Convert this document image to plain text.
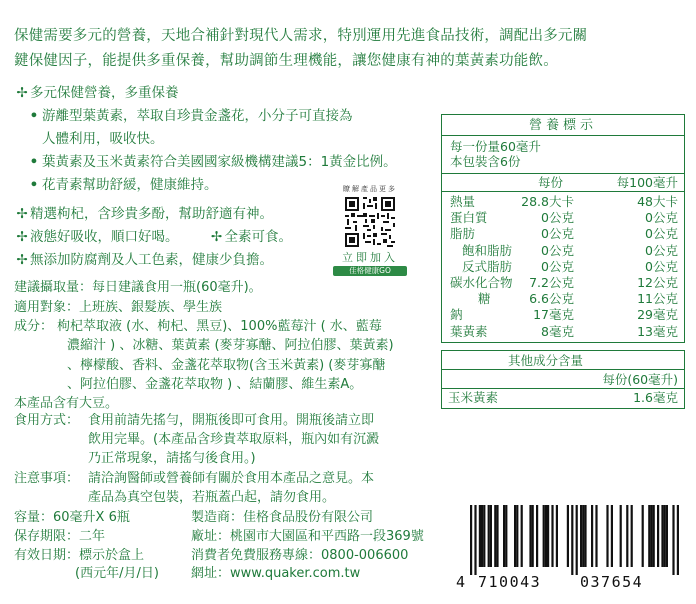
保健需要多元的營養，天地合補針對現代人需求，特別運用先進食品技術，調配出多元關
鍵保健因子，能提供多重保養，幫助調節生理機能，讓您健康有神的葉黃素功能飲。
✢ 多元保健營養，多重保養
• 游離型葉黃素，萃取自珍貴金盞花，小分子可直接為
人體利用，吸收快。
• 葉黃素及玉米黃素符合美國國家級機構建議5：1黃金比例。
• 花青素幫助舒緩，健康維持。
✢ 精選枸杞，含珍貴多酚，幫助舒適有神。
✢ 液態好吸收，順口好喝。 ✢ 全素可食。
✢ 無添加防腐劑及人工色素，健康少負擔。
瞭解產品更多
立即加入
佳格健康GO
建議攝取量：每日建議食用一瓶(60毫升)。
適用對象：上班族、銀髮族、學生族
成分： 枸杞萃取液 (水、枸杞、黑豆)、100%藍莓汁 ( 水、藍莓
濃縮汁 ) 、冰糖、葉黃素 (麥芽寡醣、阿拉伯膠、葉黃素)
、檸檬酸、香料、金盞花萃取物(含玉米黃素) (麥芽寡醣
、阿拉伯膠、金盞花萃取物 ) 、結蘭膠、維生素A。
本產品含有大豆。
食用方式： 食用前請先搖勻，開瓶後即可食用。開瓶後請立即
飲用完畢。(本產品含珍貴萃取原料，瓶內如有沉澱
乃正常現象，請搖勻後食用。)
注意事項： 請洽詢醫師或營養師有關於食用本產品之意見。本
產品為真空包裝，若瓶蓋凸起，請勿食用。
容量：60毫升X 6瓶
保存期限：二年
有效日期：標示於盒上
(西元年/月/日)
製造商：佳格食品股份有限公司
廠址：桃園市大園區和平西路一段369號
消費者免費服務專線：0800-006600
網址：www.quaker.com.tw
營養標示
每一份量60毫升
本包裝含6份
每份	每100毫升
熱量	28.8大卡	48大卡
蛋白質	0公克	0公克
脂肪	0公克	0公克
飽和脂肪 0公克	0公克
反式脂肪 0公克	0公克
碳水化合物 7.2公克	12公克
糖	6.6公克	11公克
鈉	17毫克	29毫克
葉黃素	8毫克	13毫克
其他成分含量
每份(60毫升)
玉米黃素	1.6毫克
4 710043	037654
